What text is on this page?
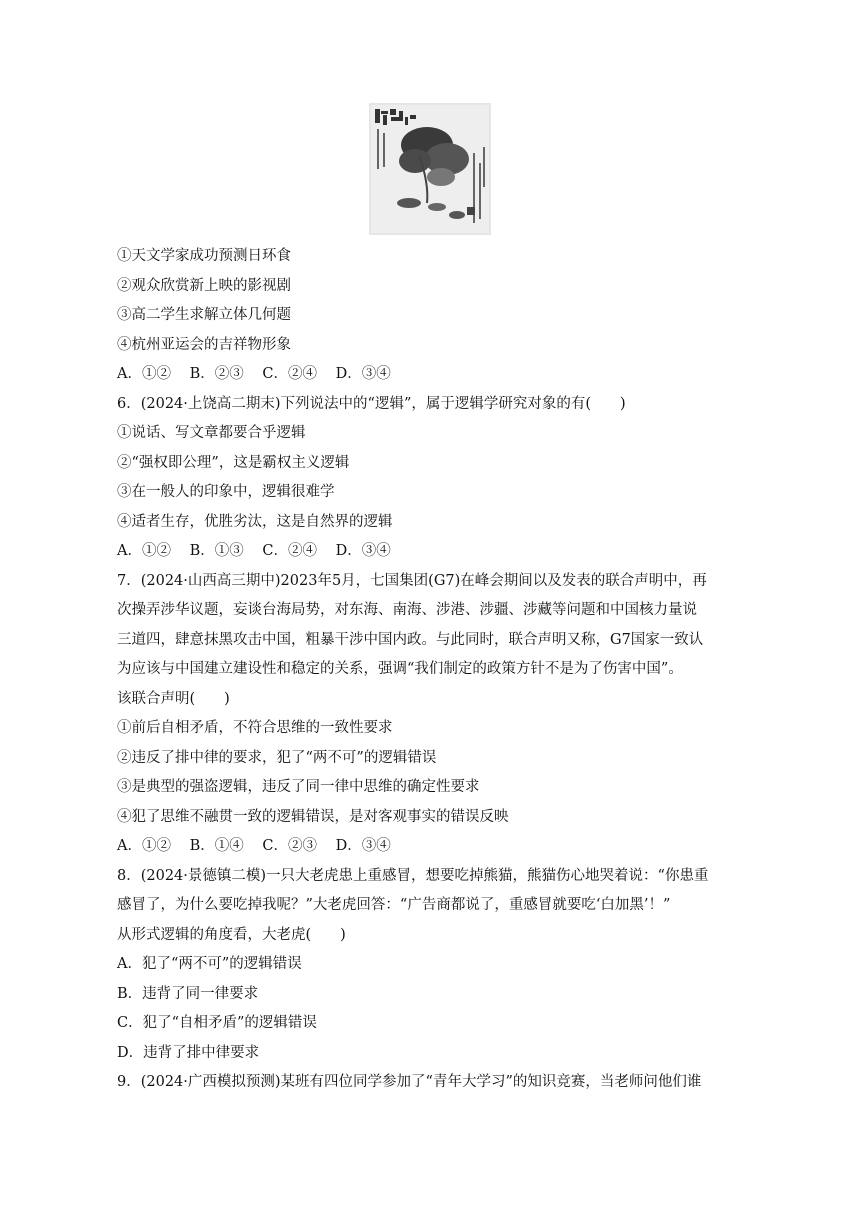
①天文学家成功预测日环食
②观众欣赏新上映的影视剧
③高二学生求解立体几何题
④杭州亚运会的吉祥物形象
A．①② B．②③ C．②④ D．③④
6．(2024·上饶高二期末)下列说法中的“逻辑”，属于逻辑学研究对象的有(　　)
①说话、写文章都要合乎逻辑
②“强权即公理”，这是霸权主义逻辑
③在一般人的印象中，逻辑很难学
④适者生存，优胜劣汰，这是自然界的逻辑
A．①② B．①③ C．②④ D．③④
7．(2024·山西高三期中)2023年5月，七国集团(G7)在峰会期间以及发表的联合声明中，再
次操弄涉华议题，妄谈台海局势，对东海、南海、涉港、涉疆、涉藏等问题和中国核力量说
三道四，肆意抹黑攻击中国，粗暴干涉中国内政。与此同时，联合声明又称，G7国家一致认
为应该与中国建立建设性和稳定的关系，强调“我们制定的政策方针不是为了伤害中国”。
该联合声明(　　)
①前后自相矛盾，不符合思维的一致性要求
②违反了排中律的要求，犯了“两不可”的逻辑错误
③是典型的强盗逻辑，违反了同一律中思维的确定性要求
④犯了思维不融贯一致的逻辑错误，是对客观事实的错误反映
A．①② B．①④ C．②③ D．③④
8．(2024·景德镇二模)一只大老虎患上重感冒，想要吃掉熊猫，熊猫伤心地哭着说：“你患重
感冒了，为什么要吃掉我呢？”大老虎回答：“广告商都说了，重感冒就要吃‘白加黑’！”
从形式逻辑的角度看，大老虎(　　)
A．犯了“两不可”的逻辑错误
B．违背了同一律要求
C．犯了“自相矛盾”的逻辑错误
D．违背了排中律要求
9．(2024·广西模拟预测)某班有四位同学参加了“青年大学习”的知识竞赛，当老师问他们谁
